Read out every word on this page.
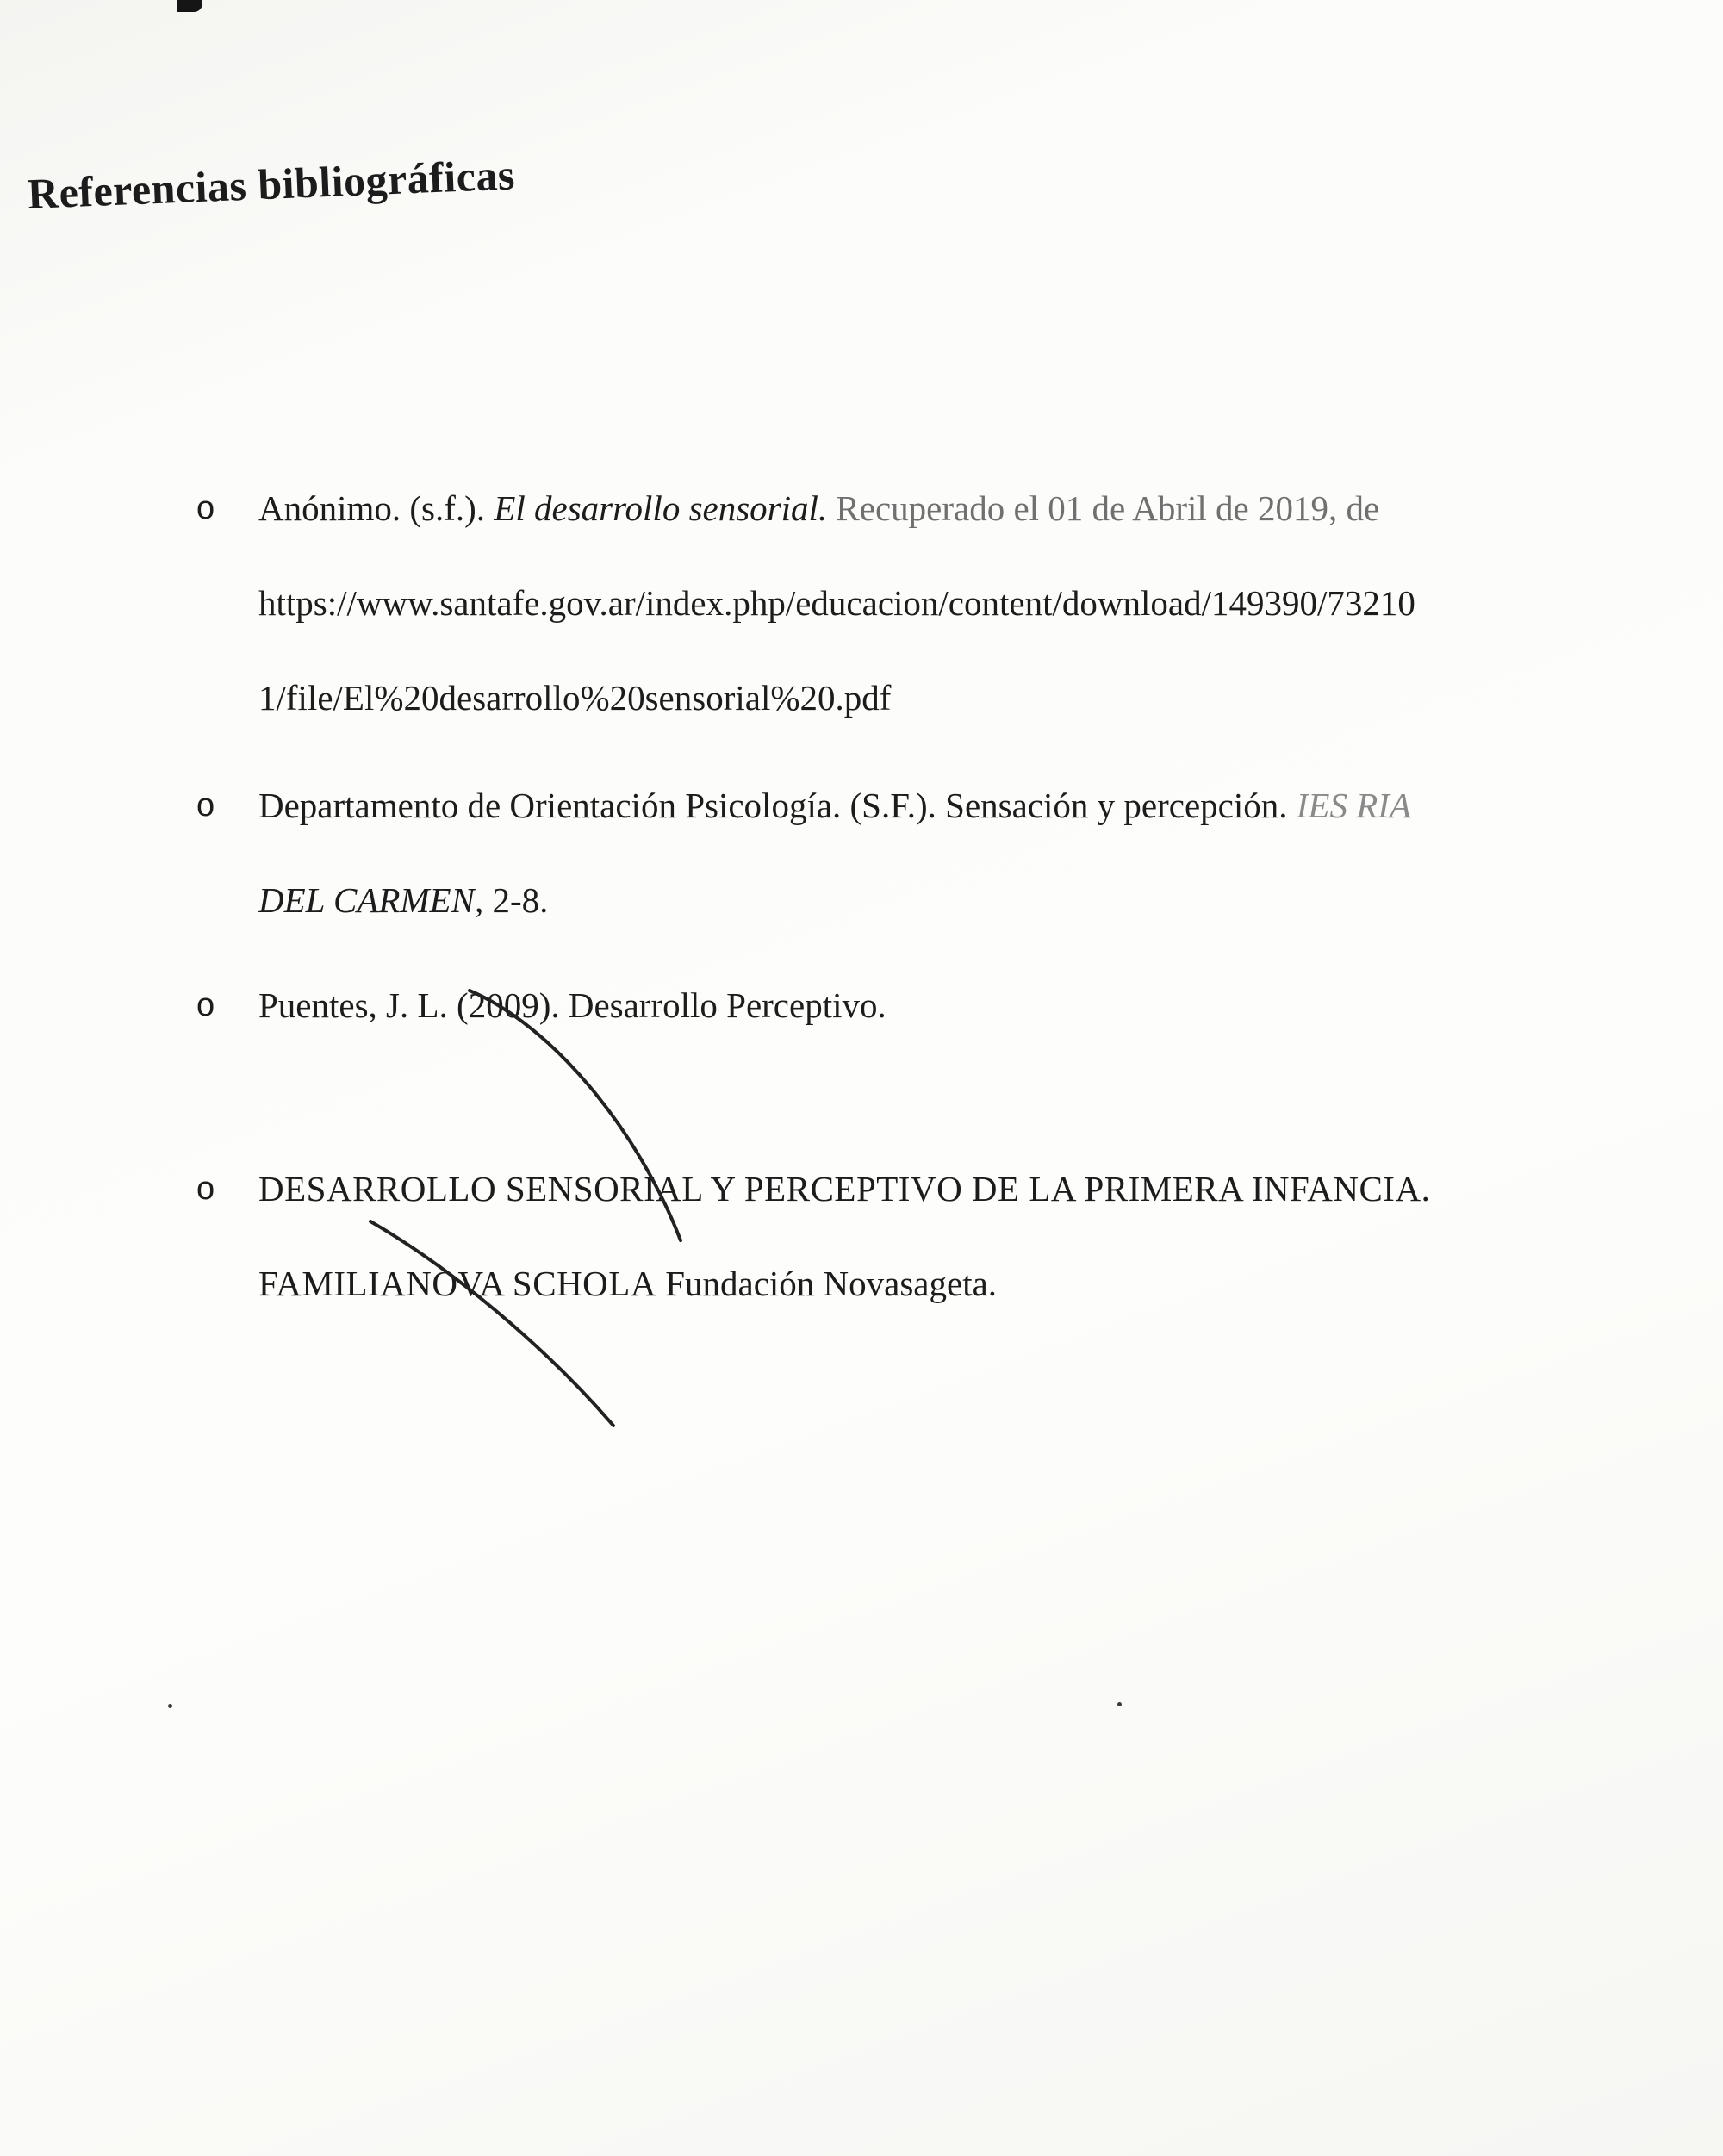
Referencias bibliográficas
o Anónimo. (s.f.). El desarrollo sensorial. Recuperado el 01 de Abril de 2019, de
https://www.santafe.gov.ar/index.php/educacion/content/download/149390/73210
1/file/El%20desarrollo%20sensorial%20.pdf
o Departamento de Orientación Psicología. (S.F.). Sensación y percepción. IES RIA
DEL CARMEN, 2-8.
o Puentes, J. L. (2009). Desarrollo Perceptivo.
o DESARROLLO SENSORIAL Y PERCEPTIVO DE LA PRIMERA INFANCIA.
FAMILIANOVA SCHOLA Fundación Novasageta.
